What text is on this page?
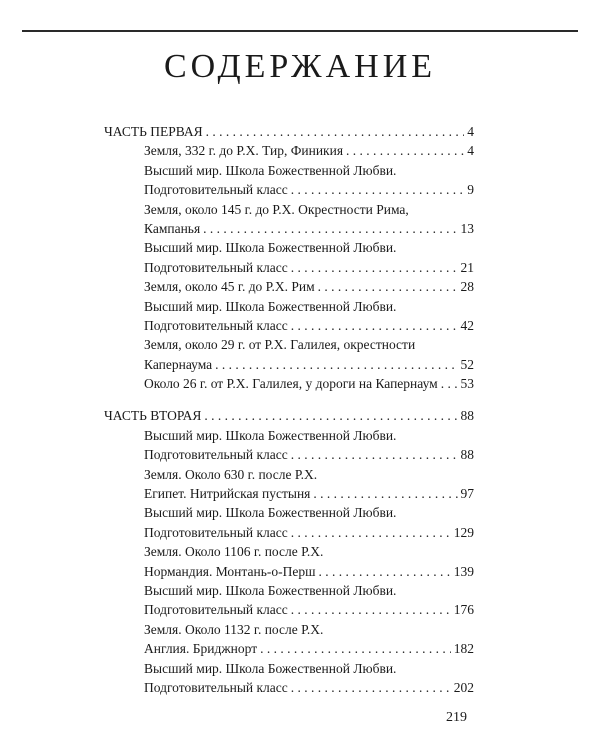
СОДЕРЖАНИЕ
ЧАСТЬ ПЕРВАЯ . . .	4
Земля, 332 г. до Р.Х. Тир, Финикия . . .	4
Высший мир. Школа Божественной Любви.
Подготовительный класс . . .	9
Земля, около 145 г. до Р.Х. Окрестности Рима,
Кампанья . . .	13
Высший мир. Школа Божественной Любви.
Подготовительный класс . . .	21
Земля, около 45 г. до Р.Х. Рим . . .	28
Высший мир. Школа Божественной Любви.
Подготовительный класс . . .	42
Земля, около 29 г. от Р.Х. Галилея, окрестности
Капернаума . . .	52
Около 26 г. от Р.Х. Галилея, у дороги на Капернаум . . . 53
ЧАСТЬ ВТОРАЯ . . .	88
Высший мир. Школа Божественной Любви.
Подготовительный класс . . .	88
Земля. Около 630 г. после Р.Х.
Египет. Нитрийская пустыня . . .	97
Высший мир. Школа Божественной Любви.
Подготовительный класс . . .	129
Земля. Около 1106 г. после Р.Х.
Нормандия. Монтань-о-Перш . . .	139
Высший мир. Школа Божественной Любви.
Подготовительный класс . . .	176
Земля. Около 1132 г. после Р.Х.
Англия. Бриджнорт . . .	182
Высший мир. Школа Божественной Любви.
Подготовительный класс . . .	202
219
